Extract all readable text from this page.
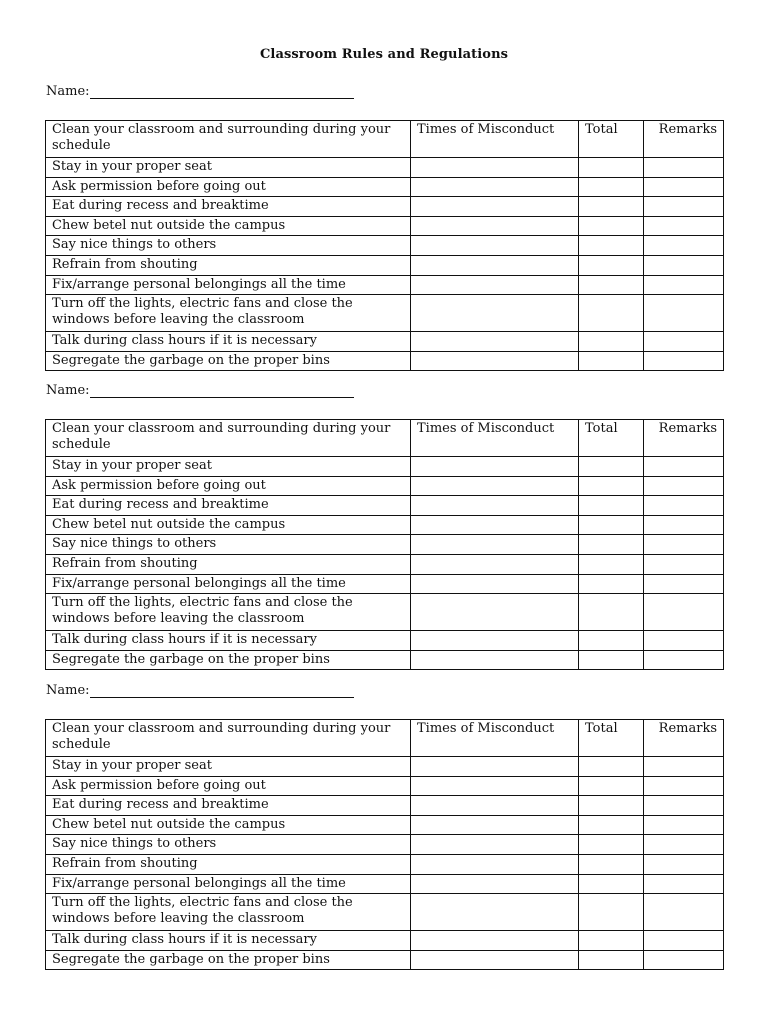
Classroom Rules and Regulations
Name:
Clean your classroom and surrounding during your schedule	Times of Misconduct	Total	Remarks
Stay in your proper seat			
Ask permission before going out			
Eat during recess and breaktime			
Chew betel nut outside the campus			
Say nice things to others			
Refrain from shouting			
Fix/arrange personal belongings all the time			
Turn off the lights, electric fans and close the windows before leaving the classroom			
Talk during class hours if it is necessary			
Segregate the garbage on the proper bins			
Name:
Clean your classroom and surrounding during your schedule	Times of Misconduct	Total	Remarks
Stay in your proper seat			
Ask permission before going out			
Eat during recess and breaktime			
Chew betel nut outside the campus			
Say nice things to others			
Refrain from shouting			
Fix/arrange personal belongings all the time			
Turn off the lights, electric fans and close the windows before leaving the classroom			
Talk during class hours if it is necessary			
Segregate the garbage on the proper bins			
Name:
Clean your classroom and surrounding during your schedule	Times of Misconduct	Total	Remarks
Stay in your proper seat			
Ask permission before going out			
Eat during recess and breaktime			
Chew betel nut outside the campus			
Say nice things to others			
Refrain from shouting			
Fix/arrange personal belongings all the time			
Turn off the lights, electric fans and close the windows before leaving the classroom			
Talk during class hours if it is necessary			
Segregate the garbage on the proper bins			
